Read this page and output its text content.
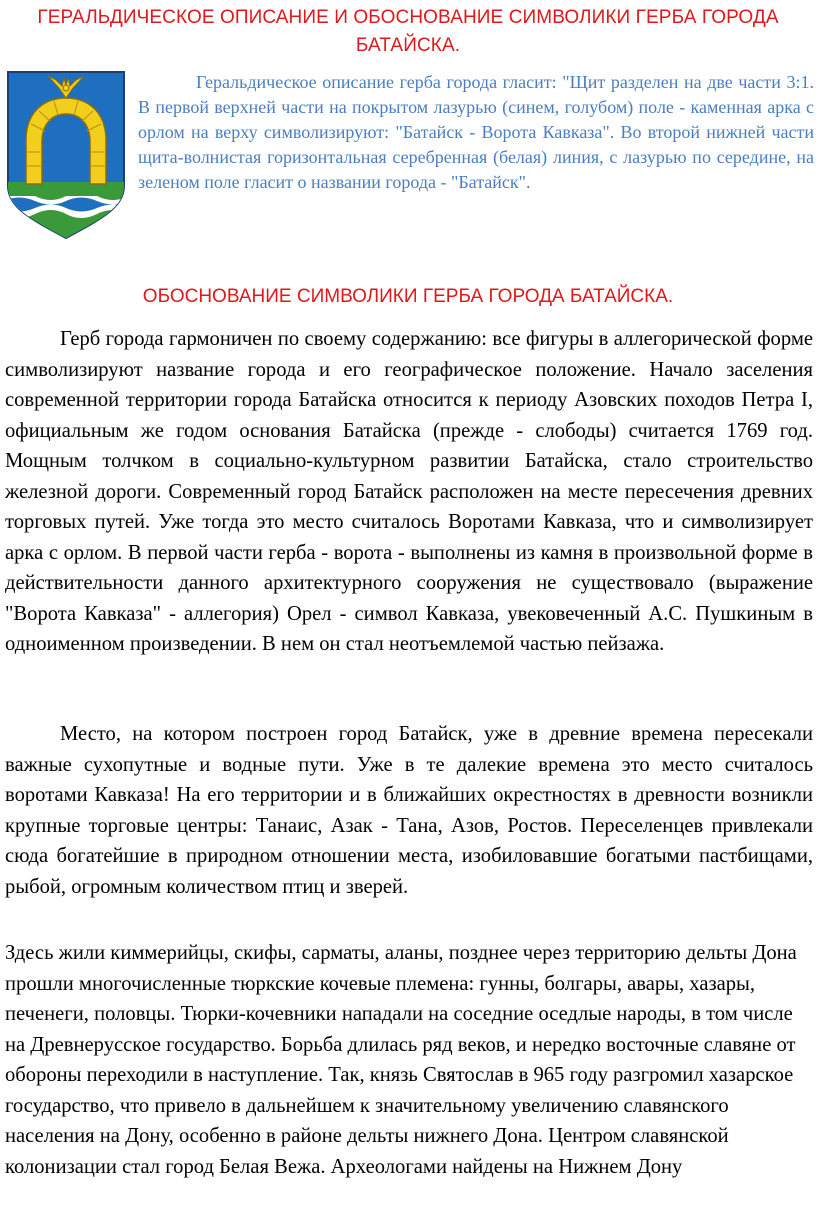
ГЕРАЛЬДИЧЕСКОЕ ОПИСАНИЕ И ОБОСНОВАНИЕ СИМВОЛИКИ ГЕРБА ГОРОДА БАТАЙСКА.
Геральдическое описание герба города гласит: "Щит разделен на две части 3:1. В первой верхней части на покрытом лазурью (синем, голубом) поле - каменная арка с орлом на верху символизируют: "Батайск - Ворота Кавказа". Во второй нижней части щита-волнистая горизонтальная серебренная (белая) линия, с лазурью по середине, на зеленом поле гласит о названии города - "Батайск".
ОБОСНОВАНИЕ СИМВОЛИКИ ГЕРБА ГОРОДА БАТАЙСКА.
Герб города гармоничен по своему содержанию: все фигуры в аллегорической форме символизируют название города и его географическое положение. Начало заселения современной территории города Батайска относится к периоду Азовских походов Петра I, официальным же годом основания Батайска (прежде - слободы) считается 1769 год. Мощным толчком в социально-культурном развитии Батайска, стало строительство железной дороги. Современный город Батайск расположен на месте пересечения древних торговых путей. Уже тогда это место считалось Воротами Кавказа, что и символизирует арка с орлом. В первой части герба - ворота - выполнены из камня в произвольной форме в действительности данного архитектурного сооружения не существовало (выражение "Ворота Кавказа" - аллегория) Орел - символ Кавказа, увековеченный А.С. Пушкиным в одноименном произведении. В нем он стал неотъемлемой частью пейзажа.
Место, на котором построен город Батайск, уже в древние времена пересекали важные сухопутные и водные пути. Уже в те далекие времена это место считалось воротами Кавказа! На его территории и в ближайших окрестностях в древности возникли крупные торговые центры: Танаис, Азак - Тана, Азов, Ростов. Переселенцев привлекали сюда богатейшие в природном отношении места, изобиловавшие богатыми пастбищами, рыбой, огромным количеством птиц и зверей.
Здесь жили киммерийцы, скифы, сарматы, аланы, позднее через территорию дельты Дона прошли многочисленные тюркские кочевые племена: гунны, болгары, авары, хазары, печенеги, половцы. Тюрки-кочевники нападали на соседние оседлые народы, в том числе на Древнерусское государство. Борьба длилась ряд веков, и нередко восточные славяне от обороны переходили в наступление. Так, князь Святослав в 965 году разгромил хазарское государство, что привело в дальнейшем к значительному увеличению славянского населения на Дону, особенно в районе дельты нижнего Дона. Центром славянской колонизации стал город Белая Вежа. Археологами найдены на Нижнем Дону
